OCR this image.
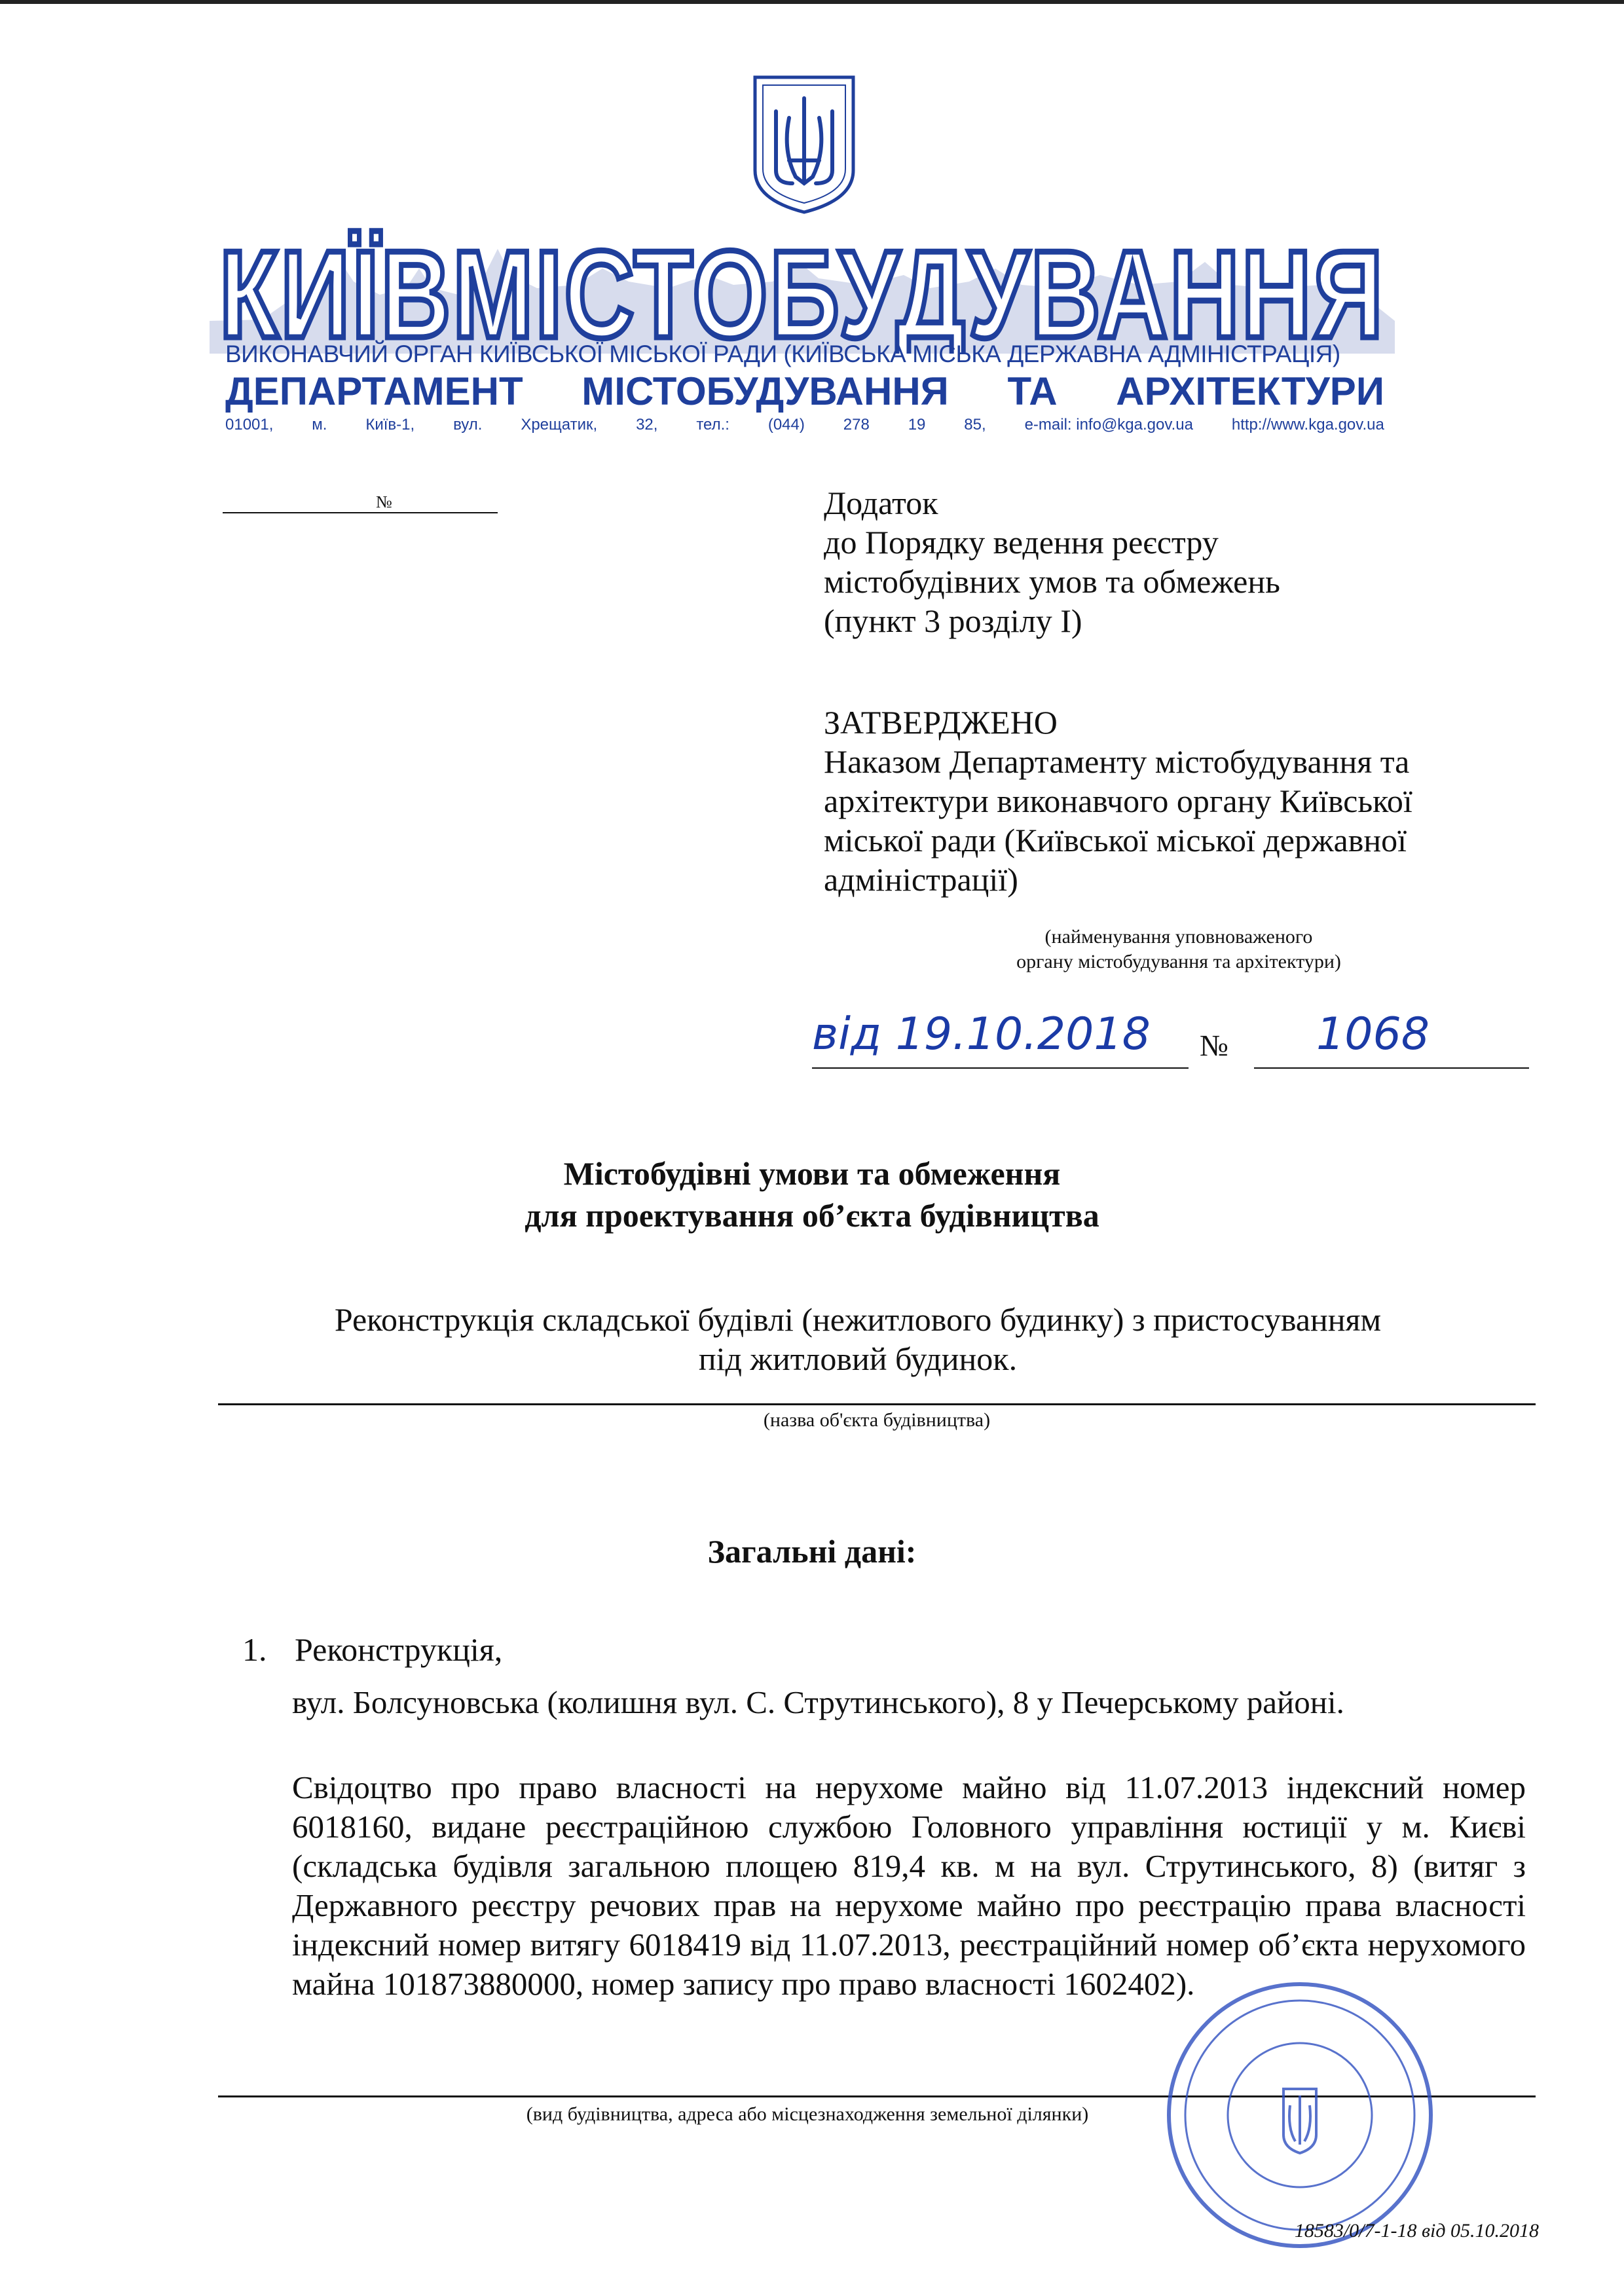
КИЇВМІСТОБУДУВАННЯ
ВИКОНАВЧИЙ ОРГАН КИЇВСЬКОЇ МІСЬКОЇ РАДИ (КИЇВСЬКА МІСЬКА ДЕРЖАВНА АДМІНІСТРАЦІЯ)
ДЕПАРТАМЕНТ МІСТОБУДУВАННЯ ТА АРХІТЕКТУРИ
01001, м. Київ-1, вул. Хрещатик, 32, тел.: (044) 278 19 85, e-mail: info@kga.gov.ua http://www.kga.gov.ua
№	Додаток
до Порядку ведення реєстру
містобудівних умов та обмежень
(пункт 3 розділу I)
ЗАТВЕРДЖЕНО
Наказом Департаменту містобудування та
архітектури виконавчого органу Київської
міської ради (Київської міської державної
адміністрації)
(найменування уповноваженого
органу містобудування та архітектури)
від 19.10.2018 № 1068
Містобудівні умови та обмеження
для проектування об’єкта будівництва
Реконструкція складської будівлі (нежитлового будинку) з пристосуванням
під житловий будинок.
(назва об'єкта будівництва)
Загальні дані:
1. Реконструкція,
вул. Болсуновська (колишня вул. С. Струтинського), 8 у Печерському районі.
Свідоцтво про право власності на нерухоме майно від 11.07.2013 індексний номер 6018160, видане реєстраційною службою Головного управління юстиції у м. Києві (складська будівля загальною площею 819,4 кв. м на вул. Струтинського, 8) (витяг з Державного реєстру речових прав на нерухоме майно про реєстрацію права власності індексний номер витягу 6018419 від 11.07.2013, реєстраційний номер об’єкта нерухомого майна 101873880000, номер запису про право власності 1602402).
(вид будівництва, адреса або місцезнаходження земельної ділянки)
18583/0/7-1-18 від 05.10.2018
